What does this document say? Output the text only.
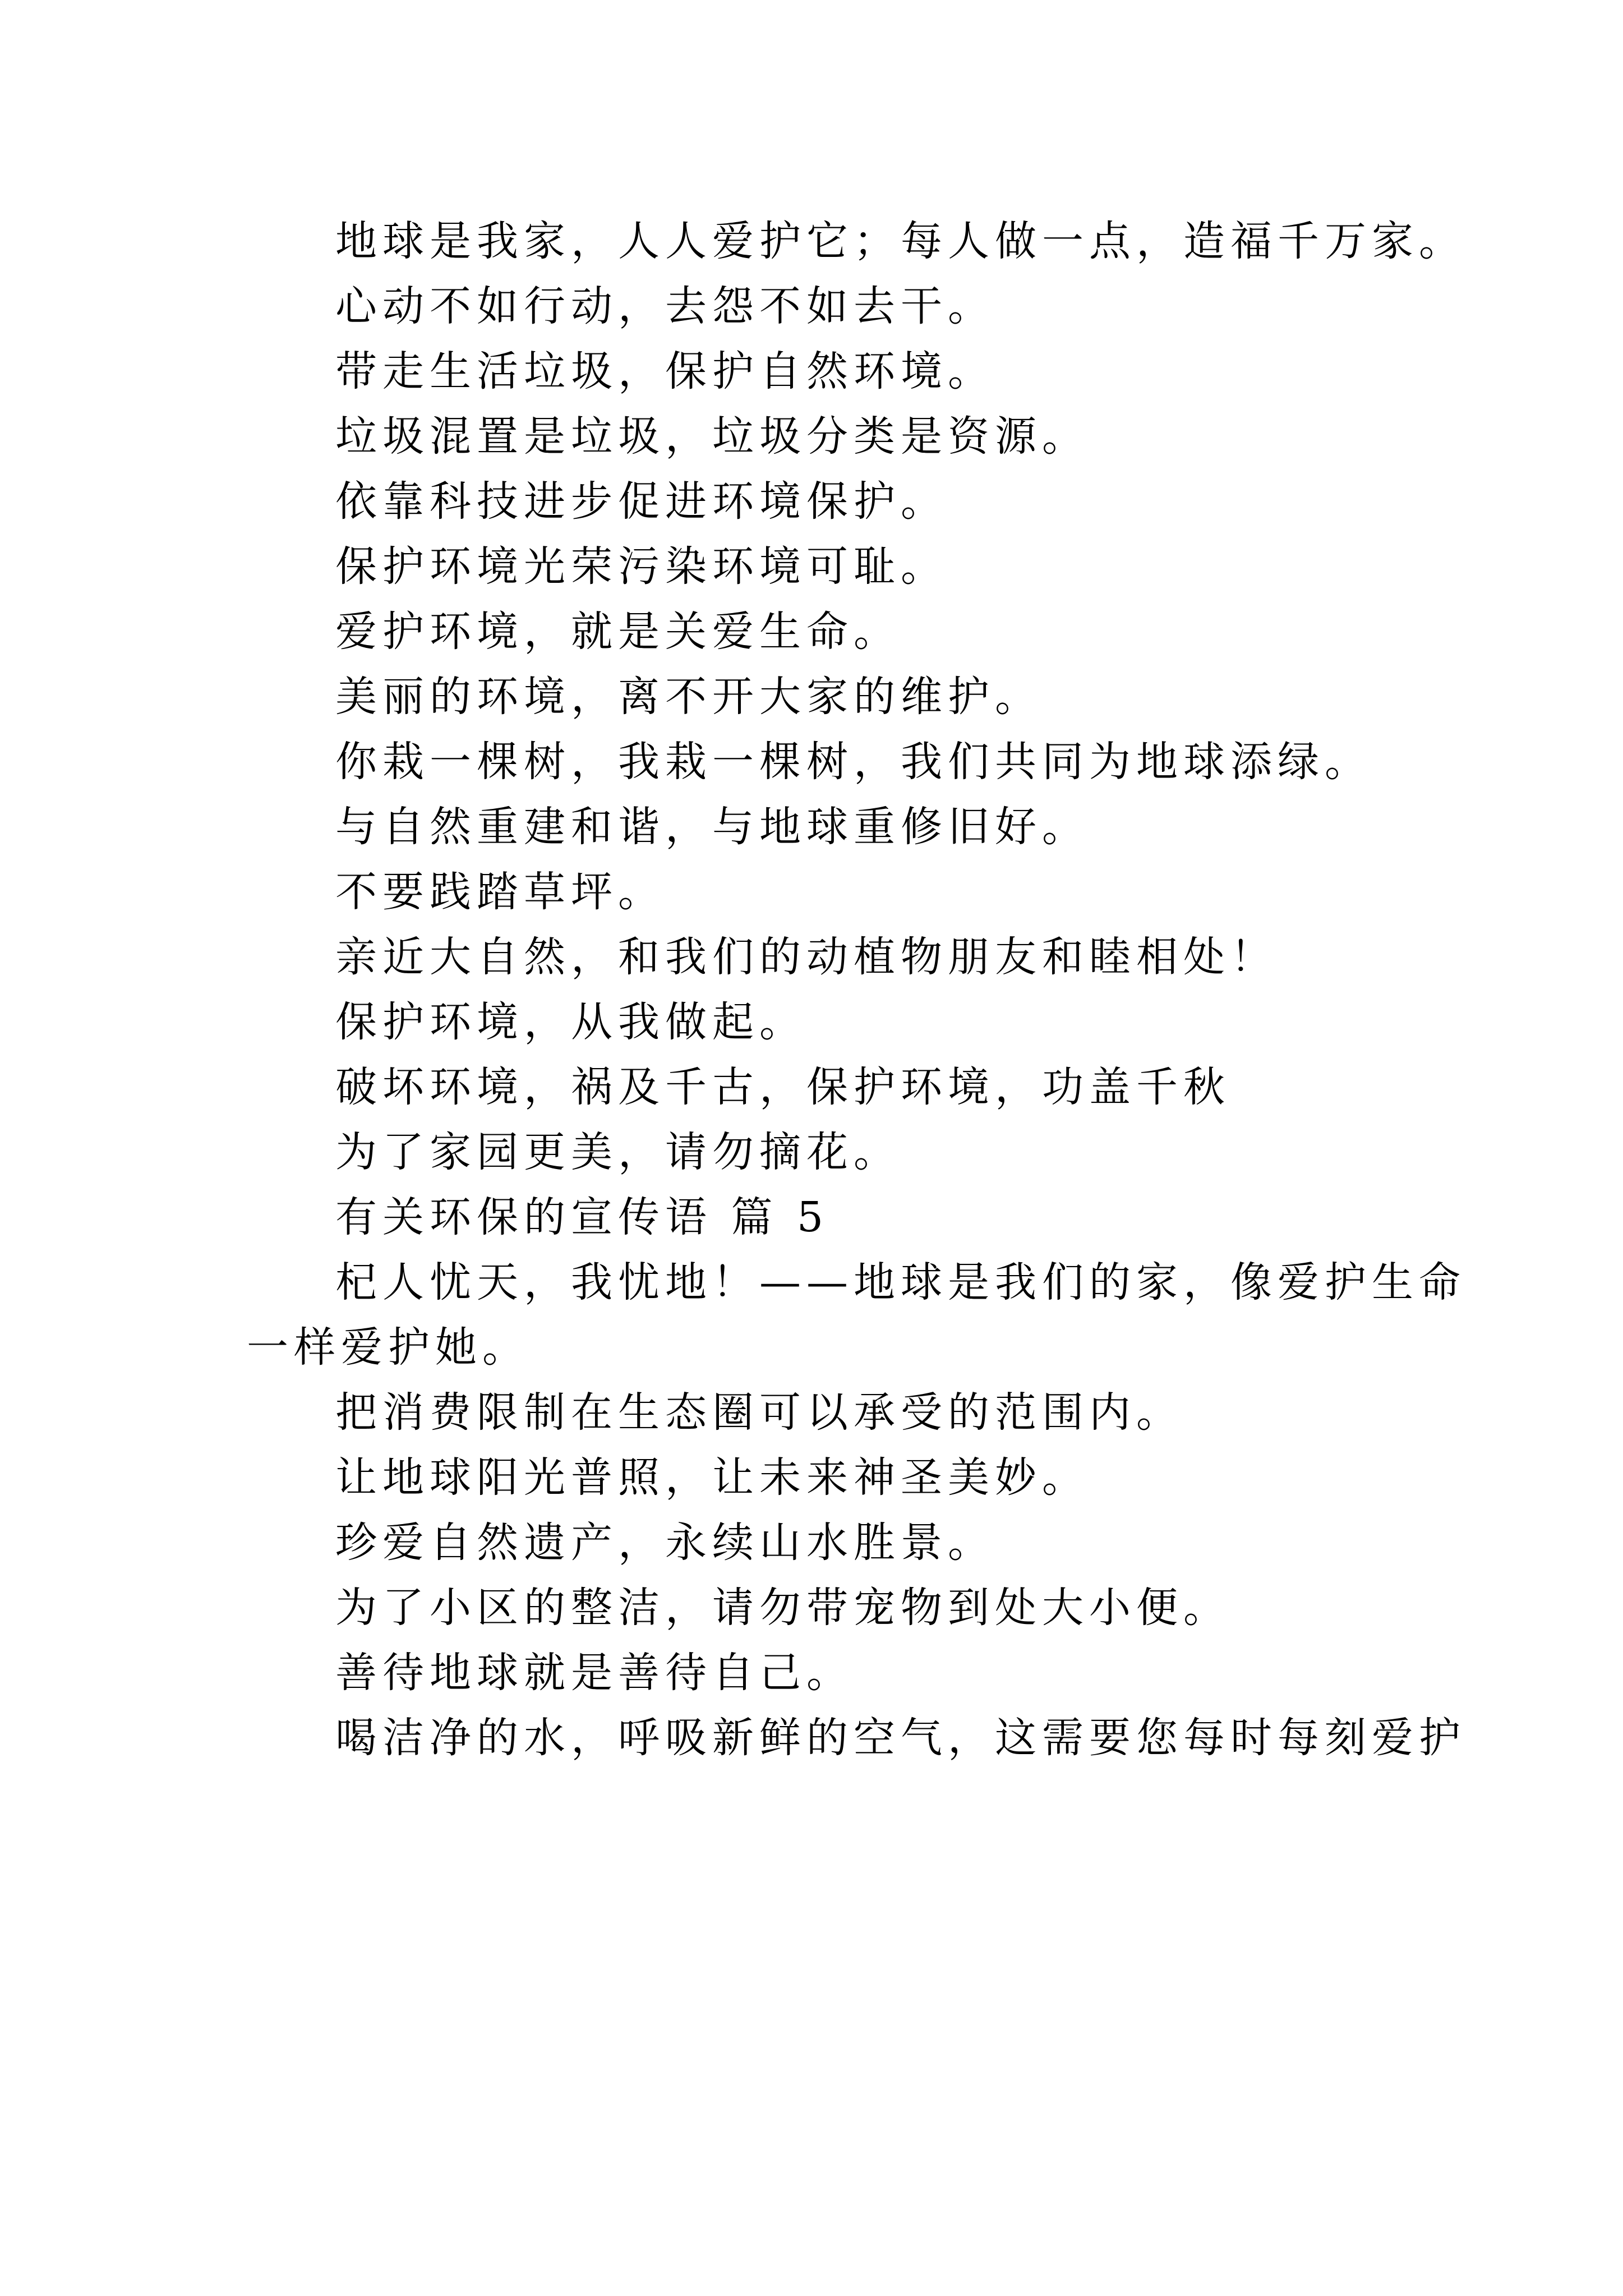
地球是我家，人人爱护它；每人做一点，造福千万家。

心动不如行动，去怨不如去干。

带走生活垃圾，保护自然环境。

垃圾混置是垃圾，垃圾分类是资源。

依靠科技进步促进环境保护。

保护环境光荣污染环境可耻。

爱护环境，就是关爱生命。

美丽的环境，离不开大家的维护。

你栽一棵树，我栽一棵树，我们共同为地球添绿。

与自然重建和谐，与地球重修旧好。

不要践踏草坪。

亲近大自然，和我们的动植物朋友和睦相处！

保护环境，从我做起。

破坏环境，祸及千古，保护环境，功盖千秋

为了家园更美，请勿摘花。

有关环保的宣传语 篇 5

杞人忧天，我忧地！——地球是我们的家，像爱护生命

一样爱护她。

把消费限制在生态圈可以承受的范围内。

让地球阳光普照，让未来神圣美妙。

珍爱自然遗产，永续山水胜景。

为了小区的整洁，请勿带宠物到处大小便。

善待地球就是善待自己。

喝洁净的水，呼吸新鲜的空气，这需要您每时每刻爱护
